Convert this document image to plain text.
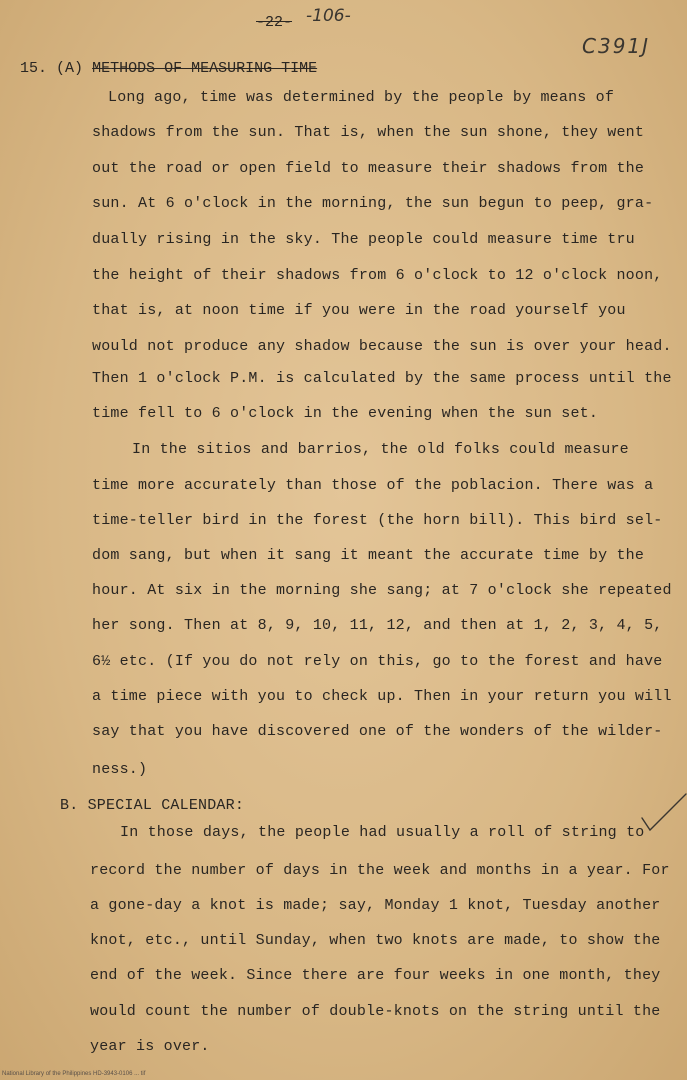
-22- -106-
C391J
15. (A) METHODS OF MEASURING TIME
Long ago, time was determined by the people by means of
shadows from the sun. That is, when the sun shone, they went
out the road or open field to measure their shadows from the
sun. At 6 o'clock in the morning, the sun begun to peep, gra-
dually rising in the sky. The people could measure time tru
the height of their shadows from 6 o'clock to 12 o'clock noon,
that is, at noon time if you were in the road yourself you
would not produce any shadow because the sun is over your head.
Then 1 o'clock P.M. is calculated by the same process until the
time fell to 6 o'clock in the evening when the sun set.
In the sitios and barrios, the old folks could measure
time more accurately than those of the poblacion. There was a
time-teller bird in the forest (the horn bill). This bird sel-
dom sang, but when it sang it meant the accurate time by the
hour. At six in the morning she sang; at 7 o'clock she repeated
her song. Then at 8, 9, 10, 11, 12, and then at 1, 2, 3, 4, 5,
6½ etc. (If you do not rely on this, go to the forest and have
a time piece with you to check up. Then in your return you will
say that you have discovered one of the wonders of the wilder-
ness.)
B. SPECIAL CALENDAR:
In those days, the people had usually a roll of string to
record the number of days in the week and months in a year. For
a gone-day a knot is made; say, Monday 1 knot, Tuesday another
knot, etc., until Sunday, when two knots are made, to show the
end of the week. Since there are four weeks in one month, they
would count the number of double-knots on the string until the
year is over.
National Library of the Philippines HD-3943-0106 ... tif
